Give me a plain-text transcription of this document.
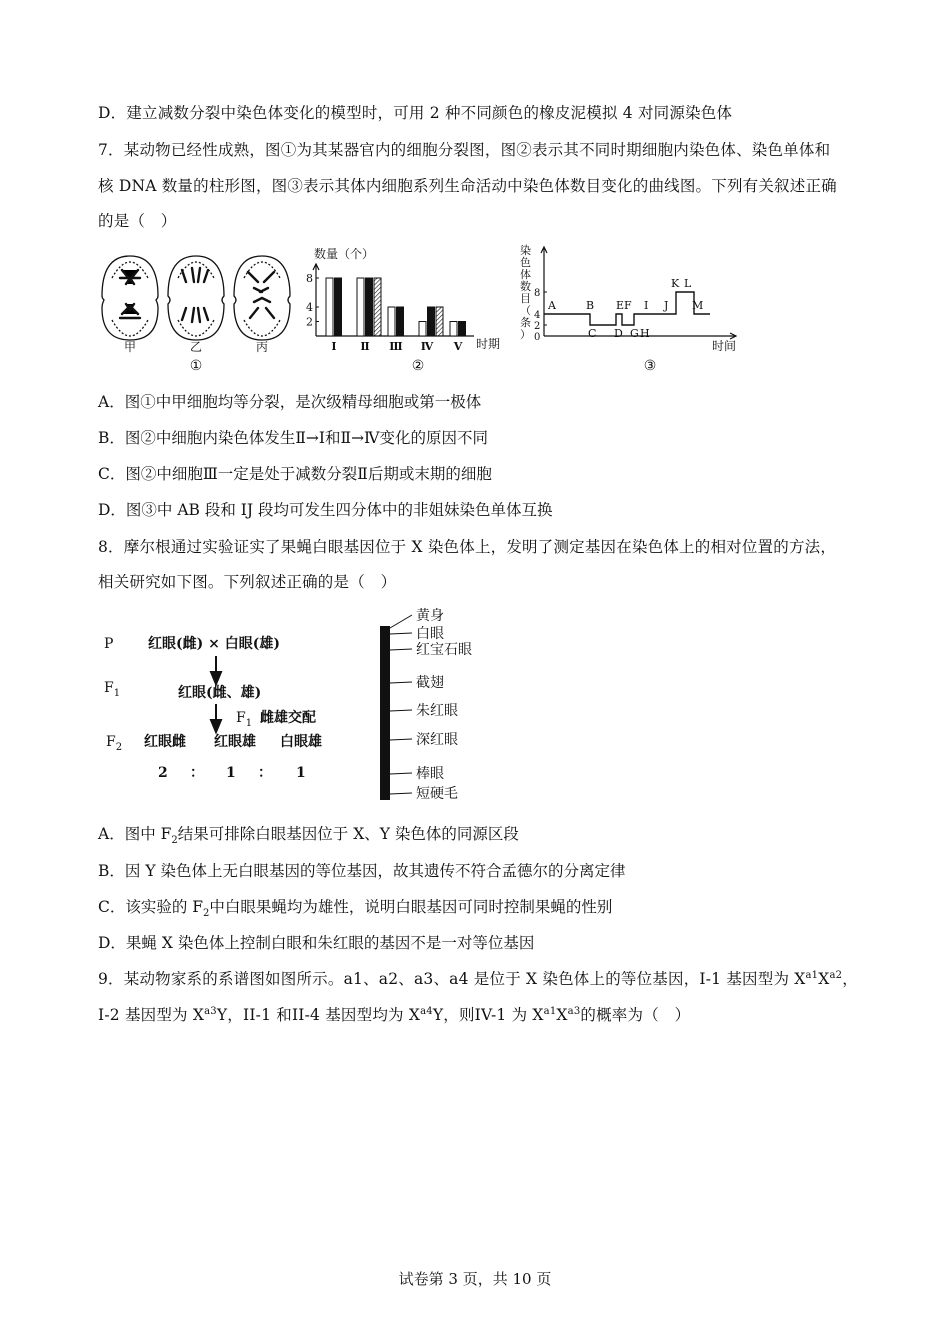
D．建立减数分裂中染色体变化的模型时，可用 2 种不同颜色的橡皮泥模拟 4 对同源染色体
7．某动物已经性成熟，图①为其某器官内的细胞分裂图，图②表示其不同时期细胞内染色体、染色单体和
核 DNA 数量的柱形图，图③表示其体内细胞系列生命活动中染色体数目变化的曲线图。下列有关叙述正确
的是（　）
甲	乙	丙
①
数量（个）
2
4
8
Ⅰ Ⅱ Ⅲ Ⅳ Ⅴ 时期
②
染
色
体
数
目
（
条
） 0
2
4
8
A	B
C D
E F
G H
I J
K L
M
时间
③
A．图①中甲细胞均等分裂，是次级精母细胞或第一极体
B．图②中细胞内染色体发生Ⅱ→Ⅰ和Ⅱ→Ⅳ变化的原因不同
C．图②中细胞Ⅲ一定是处于减数分裂Ⅱ后期或末期的细胞
D．图③中 AB 段和 IJ 段均可发生四分体中的非姐妹染色单体互换
8．摩尔根通过实验证实了果蝇白眼基因位于 X 染色体上，发明了测定基因在染色体上的相对位置的方法，
相关研究如下图。下列叙述正确的是（　）
P 红眼(雌) × 白眼(雄)
$F_1$	红眼(雌、雄)
$F_1$ 雌雄交配
$F_2$ 红眼雌 红眼雄 白眼雄
2 ： 1 ： 1
黄身
白眼
红宝石眼
截翅
朱红眼
深红眼
棒眼
短硬毛
A．图中 $F_2$结果可排除白眼基因位于 X、Y 染色体的同源区段
B．因 Y 染色体上无白眼基因的等位基因，故其遗传不符合孟德尔的分离定律
C．该实验的 $F_2$中白眼果蝇均为雄性，说明白眼基因可同时控制果蝇的性别
D．果蝇 X 染色体上控制白眼和朱红眼的基因不是一对等位基因
9．某动物家系的系谱图如图所示。a1、a2、a3、a4 是位于 X 染色体上的等位基因，I-1 基因型为 $X^{a1}X^{a2}$，
I-2 基因型为 $X^{a3}Y$，II-1 和II-4 基因型均为 $X^{a4}Y$，则IV-1 为 $X^{a1}X^{a3}$的概率为（　）
试卷第 3 页，共 10 页
